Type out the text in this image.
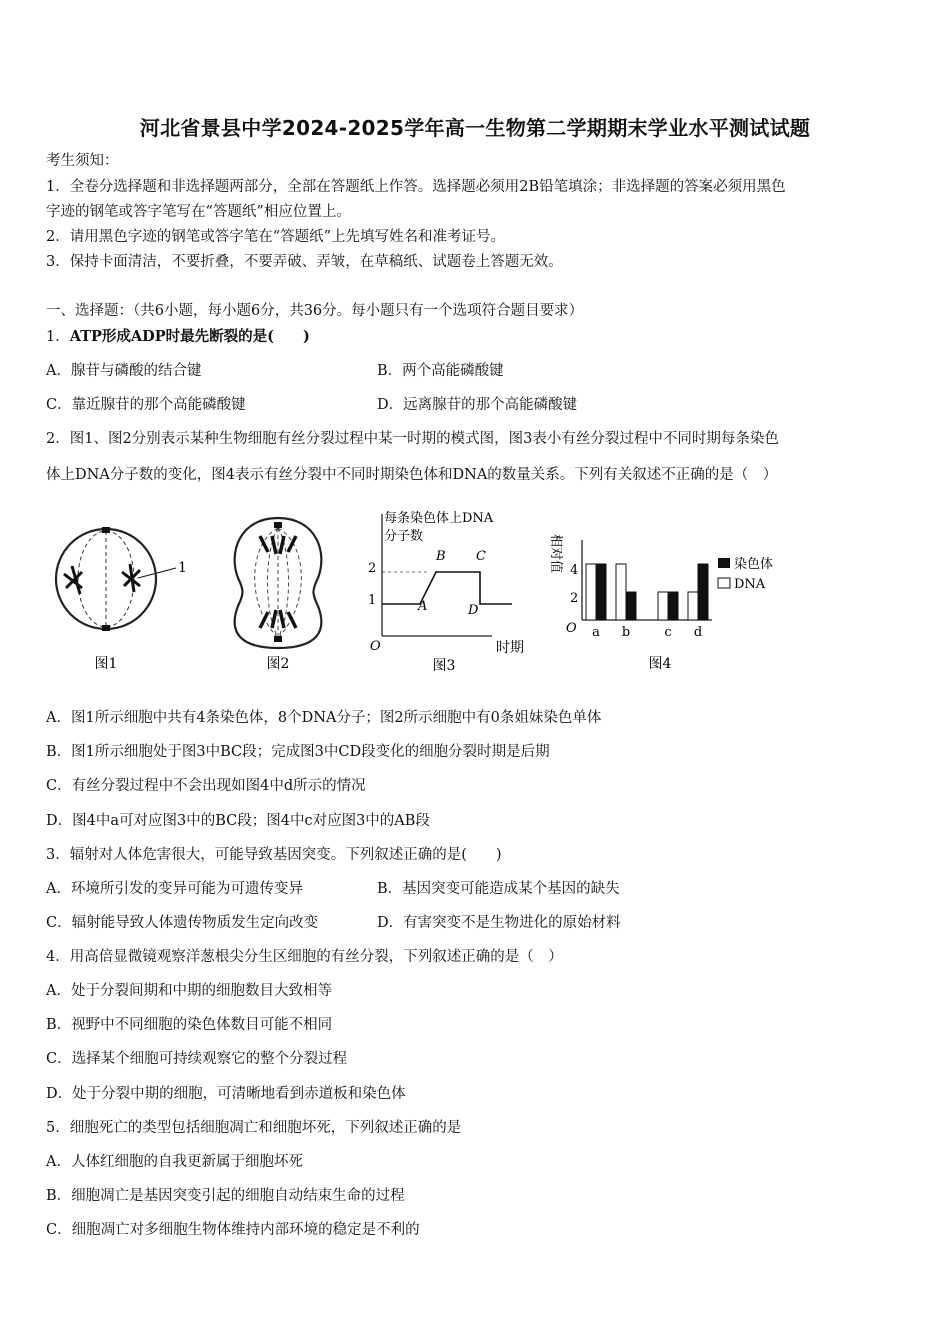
河北省景县中学2024-2025学年高一生物第二学期期末学业水平测试试题
考生须知：
1．全卷分选择题和非选择题两部分，全部在答题纸上作答。选择题必须用2B铅笔填涂；非选择题的答案必须用黑色
字迹的钢笔或答字笔写在“答题纸”相应位置上。
2．请用黑色字迹的钢笔或答字笔在“答题纸”上先填写姓名和准考证号。
3．保持卡面清洁，不要折叠，不要弄破、弄皱，在草稿纸、试题卷上答题无效。
一、选择题：（共6小题，每小题6分，共36分。每小题只有一个选项符合题目要求）
1．ATP形成ADP时最先断裂的是(　　)
A．腺苷与磷酸的结合键	B．两个高能磷酸键
C．靠近腺苷的那个高能磷酸键	D．远离腺苷的那个高能磷酸键
2．图1、图2分别表示某种生物细胞有丝分裂过程中某一时期的模式图，图3表小有丝分裂过程中不同时期每条染色
体上DNA分子数的变化，图4表示有丝分裂中不同时期染色体和DNA的数量关系。下列有关叙述不正确的是（　）
1
图1	图2
每条染色体上DNA
分子数
O
1
2
A
B C
D
时期
图3
相对值
O
2
4
a b	c d
染色体
DNA
图4
A．图1所示细胞中共有4条染色体，8个DNA分子；图2所示细胞中有0条姐妹染色单体
B．图1所示细胞处于图3中BC段；完成图3中CD段变化的细胞分裂时期是后期
C．有丝分裂过程中不会出现如图4中d所示的情况
D．图4中a可对应图3中的BC段；图4中c对应图3中的AB段
3．辐射对人体危害很大，可能导致基因突变。下列叙述正确的是(　　)
A．环境所引发的变异可能为可遗传变异	B．基因突变可能造成某个基因的缺失
C．辐射能导致人体遗传物质发生定向改变	D．有害突变不是生物进化的原始材料
4．用高倍显微镜观察洋葱根尖分生区细胞的有丝分裂，下列叙述正确的是（　）
A．处于分裂间期和中期的细胞数目大致相等
B．视野中不同细胞的染色体数目可能不相同
C．选择某个细胞可持续观察它的整个分裂过程
D．处于分裂中期的细胞，可清晰地看到赤道板和染色体
5．细胞死亡的类型包括细胞凋亡和细胞坏死，下列叙述正确的是
A．人体红细胞的自我更新属于细胞坏死
B．细胞凋亡是基因突变引起的细胞自动结束生命的过程
C．细胞凋亡对多细胞生物体维持内部环境的稳定是不利的
